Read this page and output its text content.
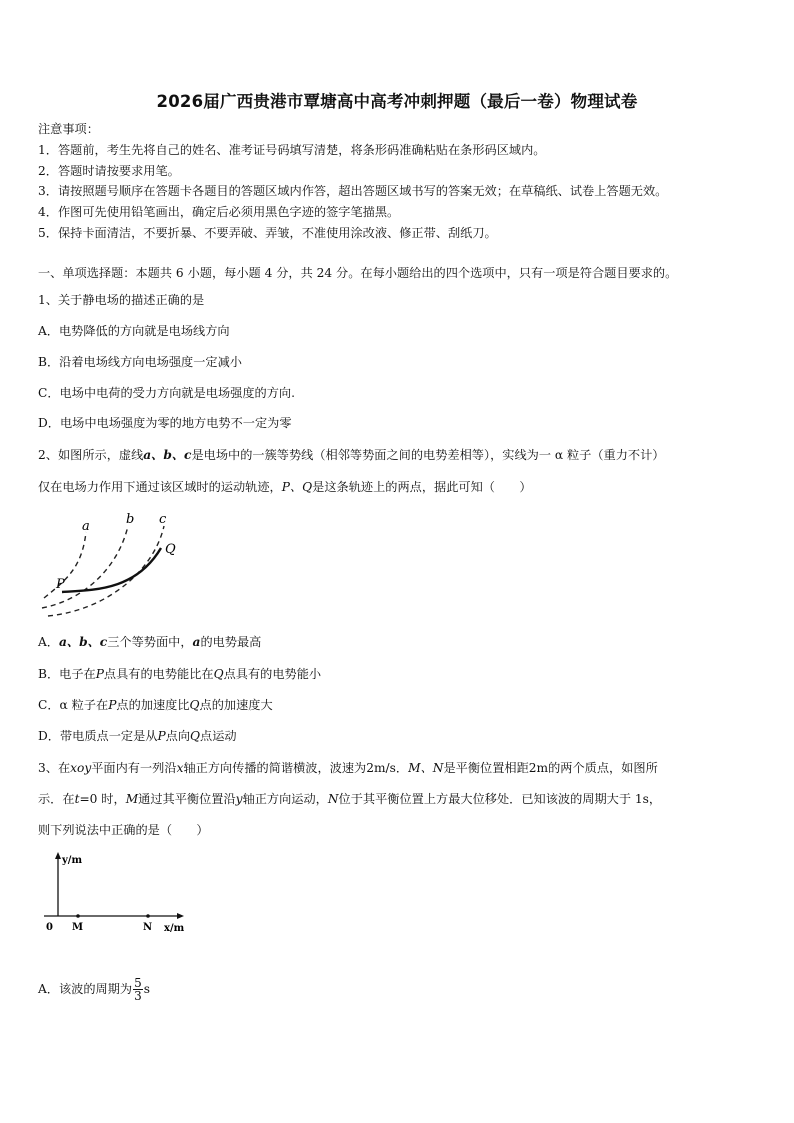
2026届广西贵港市覃塘高中高考冲刺押题（最后一卷）物理试卷
注意事项：
1．答题前，考生先将自己的姓名、准考证号码填写清楚，将条形码准确粘贴在条形码区域内。
2．答题时请按要求用笔。
3．请按照题号顺序在答题卡各题目的答题区域内作答，超出答题区域书写的答案无效；在草稿纸、试卷上答题无效。
4．作图可先使用铅笔画出，确定后必须用黑色字迹的签字笔描黑。
5．保持卡面清洁，不要折暴、不要弄破、弄皱，不准使用涂改液、修正带、刮纸刀。
一、单项选择题：本题共 6 小题，每小题 4 分，共 24 分。在每小题给出的四个选项中，只有一项是符合题目要求的。
1、关于静电场的描述正确的是
A．电势降低的方向就是电场线方向
B．沿着电场线方向电场强度一定减小
C．电场中电荷的受力方向就是电场强度的方向.
D．电场中电场强度为零的地方电势不一定为零
2、如图所示，虚线a、b、c是电场中的一簇等势线（相邻等势面之间的电势差相等），实线为一 α 粒子（重力不计）
仅在电场力作用下通过该区域时的运动轨迹，P、Q是这条轨迹上的两点，据此可知（　　）
a	b c
P
Q
A．a、b、c三个等势面中，a的电势最高
B．电子在P点具有的电势能比在Q点具有的电势能小
C．α 粒子在P点的加速度比Q点的加速度大
D．带电质点一定是从P点向Q点运动
3、在xoy平面内有一列沿x轴正方向传播的简谐横波，波速为2m/s．M、N是平衡位置相距2m的两个质点，如图所
示．在t=0 时，M通过其平衡位置沿y轴正方向运动，N位于其平衡位置上方最大位移处．已知该波的周期大于 1s，
则下列说法中正确的是（　　）
y/m
x/m
0 M	N
A．该波的周期为 $\frac{5}{3}$ s
